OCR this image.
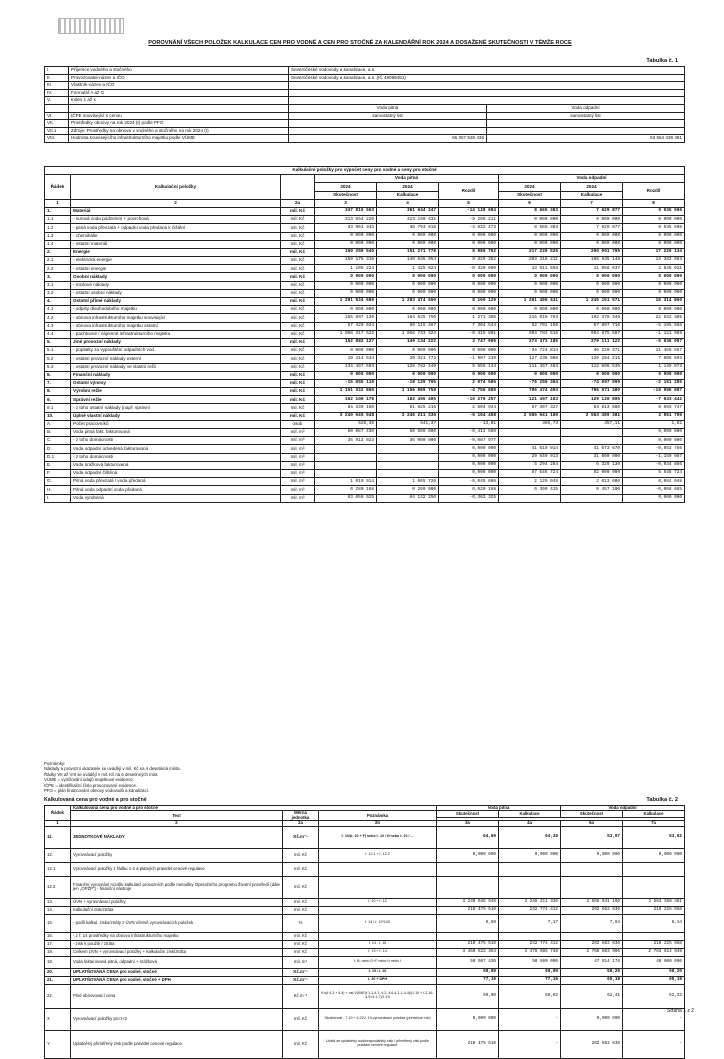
POROVNÁNÍ VŠECH POLOŽEK KALKULACE CEN PRO VODNÉ A CEN PRO STOČNÉ ZA KALENDÁŘNÍ ROK 2024 A DOSAŽENÉ SKUTEČNOSTI V TÉMŽE ROCE
Tabulka č. 1
I.	Příjemce vodného a stočného	Severočeské vodovody a kanalizace, a.s.	
II.	Provozovatel-název a IČO	Severočeské vodovody a kanalizace, a.s. (IČ 49099451)	
III.	Vlastník-název a IČO		
IV.	Formulář A až G		
V.	Index 1 až x		
		Voda pitná	Voda odpadní
VI.	IČPE související s cenou	samostatný list	samostatný list
VII.	Prostředky obnovy na rok 2024 (t) podle PFO		
VII.1	Zdroje: Prostředky na obnovu v vodného a stočného na rok 2024 (t)		
VIII.	Hodnota souvisejícího infrastrukturního majetku podle VÚME	65 057 528 436	53 564 438 481
Kalkulační položky pro výpočet ceny pro vodné a ceny pro stočné								
Řádek	Kalkulační položky		Voda pitná			Voda odpadní		
			2024	2024	Rozdíl	2024	2024	Rozdíl
			Skutečnost	Kalkulace		Skutečnost	Kalkulace	
1	2	2a	3	4	5	6	7	8
1.	Materiál	mil. Kč	347 815 563	361 944 247	-14 128 684	8 665 383	7 629 877	0 035 506
1.1	- surová voda podzemní + povrchová	mil. Kč	313 654 220	323 150 431	-9 296 211	0 000 000	0 000 000	0 000 000
1.2	- pitná voda převzatá + odpadní voda předaná k čištění	mil. Kč	33 961 343	38 793 816	-4 832 473	8 665 383	7 629 877	0 535 506
1.3	- chemikálie	mil. Kč	0 000 000	0 000 000	0 000 000	0 000 000	0 000 000	0 000 000
1.4	- ostatní materiál	mil. Kč	0 000 000	0 000 000	0 000 000	0 000 000	0 000 000	0 000 000
2.	Energie	mil. Kč	160 259 540	151 271 778	8 986 762	217 229 525	200 001 795	17 226 134
2.1	- elektrická energie	mil. Kč	159 175 316	149 845 954	9 329 362	203 318 211	188 935 148	14 383 063
2.2	- ostatní energie	mil. Kč	1 105 224	1 425 824	-0 320 600	13 911 658	11 066 637	2 845 021
3.	Osobní náklady	mil. Kč	0 000 000	0 000 000	0 000 000	0 000 000	0 000 000	0 000 000
3.1	- mzdové náklady	mil. Kč	0 000 000	0 000 000	0 000 000	0 000 000	0 000 000	0 000 000
3.2	- ostatní osobní náklady	mil. Kč	0 000 000	0 000 000	0 000 000	0 000 000	0 000 000	0 000 000
4.	Ostatní přímé náklady	mil. Kč	1 291 634 689	1 283 474 560	8 160 129	1 261 496 431	1 245 151 571	16 314 860
4.1	- odpisy dlouhodobého majetku	mil. Kč	0 000 000	0 000 000	0 000 000	0 000 000	0 000 000	0 000 000
4.2	- obnova infrastrukturního majetku související	mil. Kč	165 897 136	164 625 750	1 271 386	215 010 763	192 378 349	22 632 385
4.3	- obnova infrastrukturního majetku ostatní	mil. Kč	67 420 034	60 115 487	7 304 544	52 702 150	57 897 716	-5 195 566
4.4	- pachtovné / nájemné infrastrukturního majetku	mil. Kč	1 058 317 522	1 058 733 323	-0 415 801	993 783 518	994 875 507	-1 121 989
5.	Jiné provozní náklady	mil. Kč	152 882 127	149 134 222	3 747 905	273 473 185	279 111 122	-5 636 957
5.1	- poplatky za vypouštění odpadních vod	mil. Kč	0 000 000	0 000 000	0 000 000	34 724 814	46 220 371	11 455 557
5.2	- ostatní provozní náklady externí	mil. Kč	19 414 534	20 321 773	-1 907 239	127 239 908	120 284 215	7 006 693
5.3	- ostatní provozní náklady ve vlastní režii	mil. Kč	134 467 593	128 782 449	5 655 144	111 457 463	112 606 536	1 149 073
6.	Finanční náklady	mil. Kč	0 000 000	0 000 000	0 000 000	0 000 000	0 000 000	0 000 000
7.	Ostatní výnosy	mil. Kč	-15 055 119	-18 129 705	2 074 586	-76 259 384	-74 097 099	-2 161 285
8.	Výrobní režie	mil. Kč	1 151 332 869	1 156 089 758	-4 756 889	786 474 493	796 571 380	-10 096 887
9.	Správní režie	mil. Kč	162 106 178	182 455 405	-10 279 257	121 497 183	129 120 805	-7 633 442
9.1	- z toho ostatní náklady (např. správní	mil. Kč	84 330 160	81 825 216	2 504 944	67 307 327	63 813 580	0 693 747
10.	Úplné vlastní náklady	mil. Kč	3 240 045 948	3 246 211 336	-6 164 458	2 565 941 160	2 563 389 381	2 551 799
A.	Počet pracovníků	osob	528,36	541,37	-13,01	366,73	357,11	1,62
B.	Voda pitná fakt. fakturovaná	mil. m³	50 087 430	50 500 000	-0,412 560			0,000 000
C.	- z toho domácnosti	mil. m³	35 912 023	36 000 000	-0,087 977			0,000 000
D.	Voda odpadní odvedená fakturovaná	mil. m³			0,000 000	41 619 914	41 673 670	-0,053 756
D.1	- z toho domácnosti	mil. m³			0,000 000	29 849 913	31 000 000	-1,150 087
E.	Voda srážková fakturovaná	mil. m³			0,000 000	5 294 264	6 329 130	-0,034 866
F.	Voda odpadní čištěná	mil. m³			0,000 000	87 646 724	82 000 000	5 646 724
G.	Pitná voda převzatá / voda předaná	mil. m³	1 019 914	1 065 720	-0,045 806	2 129 048	2 013 000	0,084 048
H.	Pitná voda odpadní voda předaná	mil. m³	0 280 168	0 260 000	0,020 168	0 390 415	0 457 100	-0,066 685
I.	Voda vyrobená	mil. m³	63 858 925	64 132 250	-0,362 325			0,000 000
Poznámky:
Náklady a provozní ukazatele se uvádějí v mil. Kč na 4 desetinná místa.
Řádky VII až VIII se uvádějí v mil. Kč na 6 desetinných míst.
VÚME = vyúčtování údajů majetkové evidence.
IČPE = identifikační číslo provozované evidence.
PFO = plán financování obnovy vodovodů a kanalizací.
Kalkulovaná cena pro vodné a pro stočné	Tabulka č. 2
Řádek	Kalkulovaná cena pro vodné a pro stočné			Voda pitná		Voda odpadní	
	Text	Měrná jednotka	Poznámka	Skutečnost	Kalkulace	Skutečnost	Kalkulace

1	2	2a	2b	3a	4a	6a	7a
11.	JEDNOTKOVÉ NÁKLADY	Kč.m⁻³	ř. 10/(ř. 10 + F) nebo ř. 10 / H nebo ř. 10 / ...	64,69	64,28	53,97	53,62
12.	Vyrovnávací položky	mil. Kč	ř. 12.1 + ř. 12.2	0,000 000	0,000 000	0,000 000	0,000 000
12.1	Vyrovnávací položky z řádku 1-2 a platných pravidel cenové regulace	mil. Kč					
12.2	Finanční vyrovnání rozdílu kalkulací provozních podle metodiky Operačního programu Životní prostředí (dále jen „OPŽP“) - finanční nástroje	mil. Kč					
13.	ÚVN + vyrovnávací položky	mil. Kč	ř. 10 + ř. 12	3 240 045 948	3 246 211 336	2 565 941 160	2 563 389 381
14.	Kalkulační zisk/ztráta	mil. Kč		210 475 510	232 774 412	202 662 636	210 225 568
15.	- podíl kalkul. zisku/ztráty z ÚVN včetně vyrovnávacích položek	%	ř. 14 / ř. 13*100	6,50	7,17	7,84	8,14
16.	- z ř. 14 prostředky na obnovu infrastrukturního majetku	mil. Kč					
17.	- zisk k použití / ztráta	mil. Kč	ř. 14 - ř. 16	210 475 510	232 774 412	202 662 636	210 225 568
19.	Celkem ÚVN + vyrovnávací položky + kalkulační zisk/ztráta	mil. Kč	ř. 13 + ř. 14	3 450 522 364	3 478 985 748	2 768 603 906	2 763 614 949
19.	Voda fakturovaná pitná, odpadní + srážková	mil. m³	ř. B, nebo D+F nebo H nebo I	50 087 430	50 500 000	47 914 178	48 000 000
20.	UPLATŇOVANÁ CENA pro vodné, stočné	Kč.m⁻³	ř. 19 / ř. 20	68,89	68,89	58,20	58,20
21.	UPLATŇOVANÁ CENA pro vodné, stočné + DPH	Kč.m⁻³	ř. 20 + DPH	77,16	77,16	65,18	65,18
22.	Plné obnovovací cena	Kč.m⁻³	Ko(ř.4.3 + 4.4) + ost.VÚME(ř.1.1-4.1, 4.2, 4.6-4.1.1-4.4)/(1.19 + ř.2.16-4.5+4.1.7)/1.19	60,90	68,02	62,41	52,33
X	Vyrovnávací položky pro t+2	mil. Kč	Skutečnost - 7.19 + 4.22V, 19-vyrovnávací položka (předchozí rok)	0,000 000	-	0,000 000	-
Y	Uplatněný přiměřený zisk podle pravidel cenové regulace	mil. Kč	Uvádí se uplatněný vodohospodářský zisk / přiměřený zisk podle pravidel cenové regulace	210 475 510	-	202 662 636	-
Strana 1 z 2
